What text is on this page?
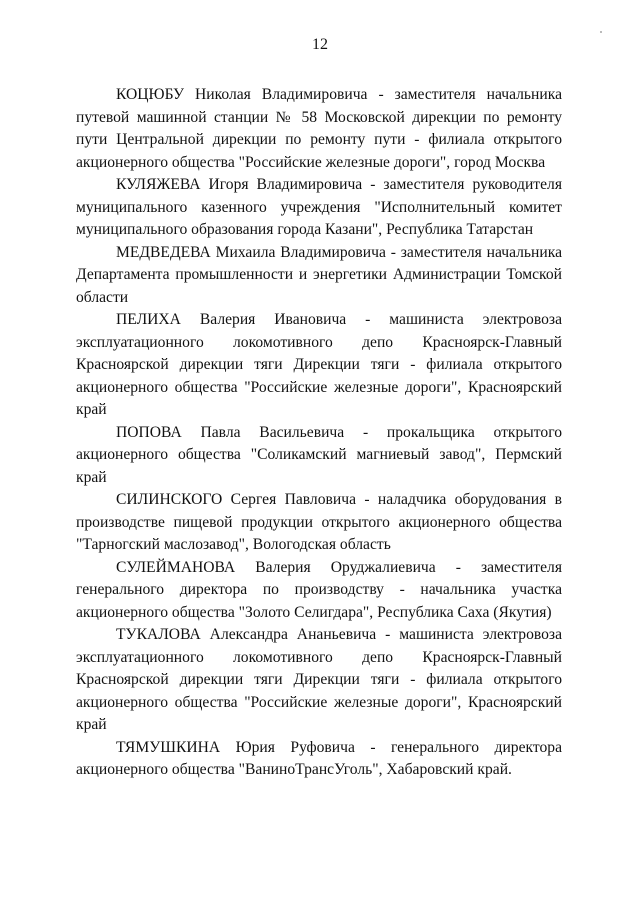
12

КОЦЮБУ Николая Владимировича - заместителя начальника путевой машинной станции № 58 Московской дирекции по ремонту пути Центральной дирекции по ремонту пути - филиала открытого акционерного общества "Российские железные дороги", город Москва

КУЛЯЖЕВА Игоря Владимировича - заместителя руководителя муниципального казенного учреждения "Исполнительный комитет муниципального образования города Казани", Республика Татарстан

МЕДВЕДЕВА Михаила Владимировича - заместителя начальника Департамента промышленности и энергетики Администрации Томской области

ПЕЛИХА Валерия Ивановича - машиниста электровоза эксплуатационного локомотивного депо Красноярск-Главный Красноярской дирекции тяги Дирекции тяги - филиала открытого акционерного общества "Российские железные дороги", Красноярский край

ПОПОВА Павла Васильевича - прокальщика открытого акционерного общества "Соликамский магниевый завод", Пермский край

СИЛИНСКОГО Сергея Павловича - наладчика оборудования в производстве пищевой продукции открытого акционерного общества "Тарногский маслозавод", Вологодская область

СУЛЕЙМАНОВА Валерия Оруджалиевича - заместителя генерального директора по производству - начальника участка акционерного общества "Золото Селигдара", Республика Саха (Якутия)

ТУКАЛОВА Александра Ананьевича - машиниста электровоза эксплуатационного локомотивного депо Красноярск-Главный Красноярской дирекции тяги Дирекции тяги - филиала открытого акционерного общества "Российские железные дороги", Красноярский край

ТЯМУШКИНА Юрия Руфовича - генерального директора акционерного общества "ВаниноТрансУголь", Хабаровский край.
